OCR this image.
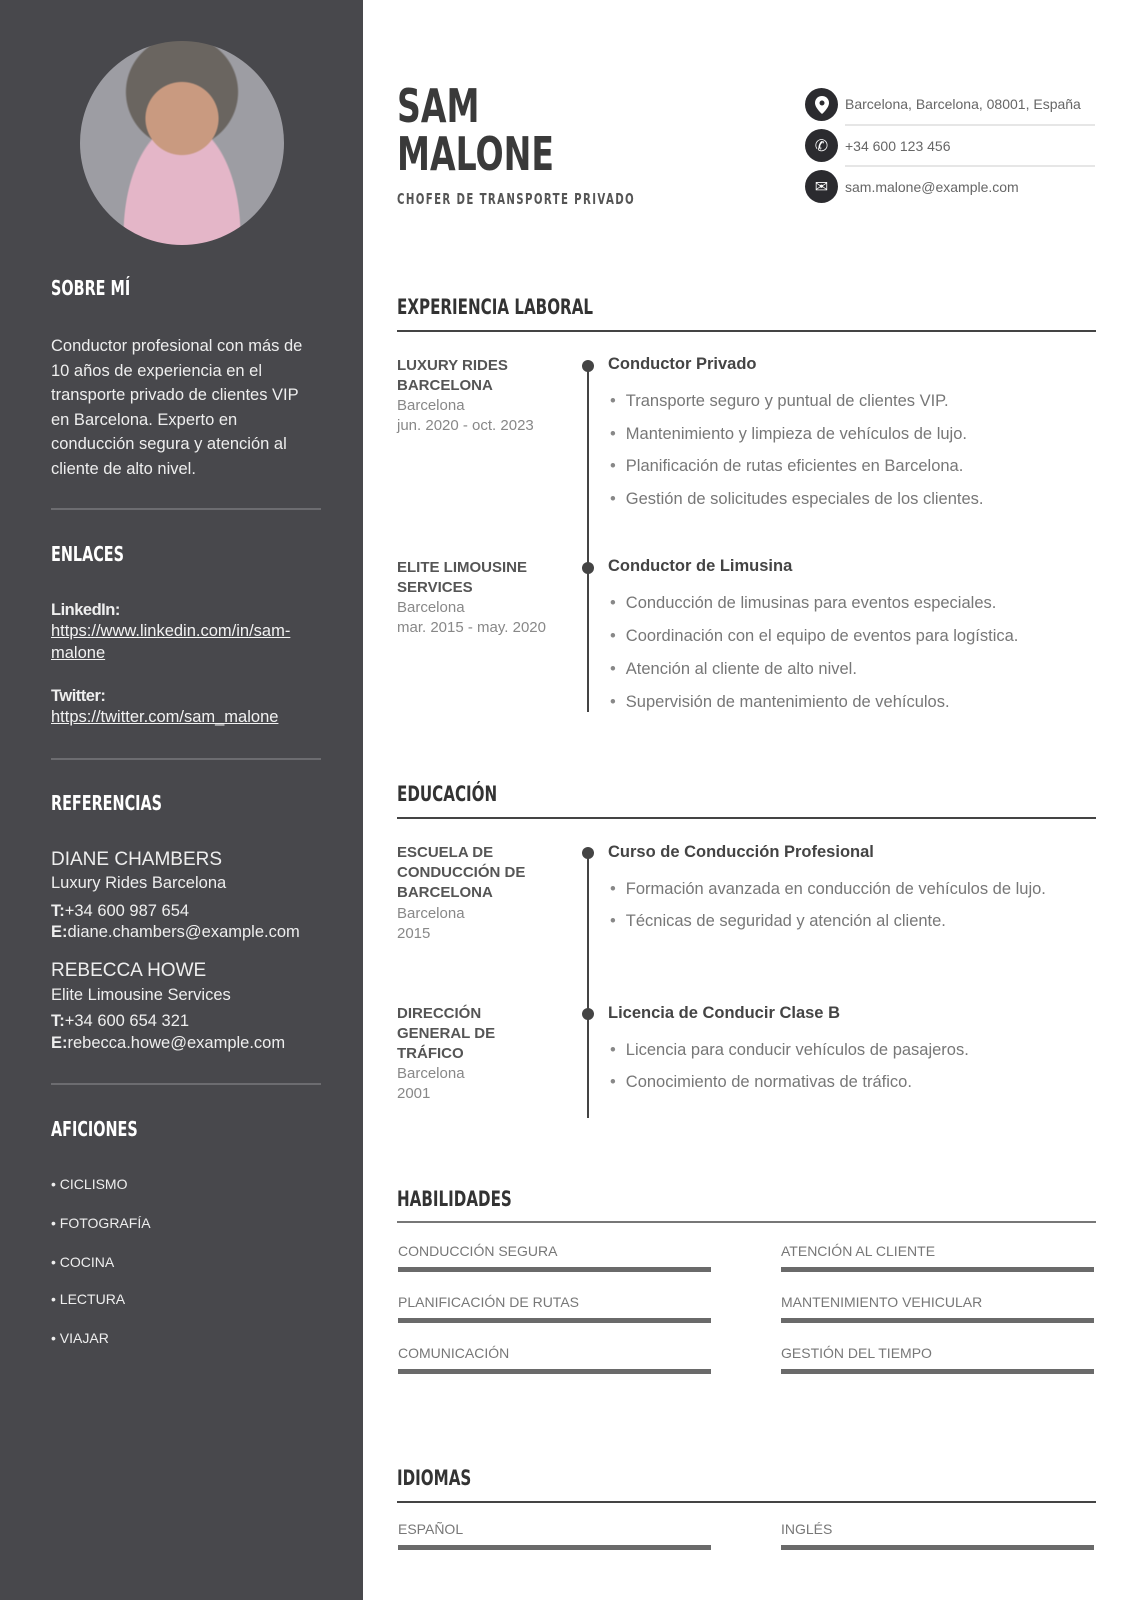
SOBRE MÍ
Conductor profesional con más de
10 años de experiencia en el
transporte privado de clientes VIP
en Barcelona. Experto en
conducción segura y atención al
cliente de alto nivel.
ENLACES
LinkedIn:
https://www.linkedin.com/in/sam-
malone
Twitter:
https://twitter.com/sam_malone
REFERENCIAS
DIANE CHAMBERS
Luxury Rides Barcelona
T:+34 600 987 654
E:diane.chambers@example.com
REBECCA HOWE
Elite Limousine Services
T:+34 600 654 321
E:rebecca.howe@example.com
AFICIONES
• CICLISMO
• FOTOGRAFÍA
• COCINA
• LECTURA
• VIAJAR
SAM
MALONE
CHOFER DE TRANSPORTE PRIVADO
Barcelona, Barcelona, 08001, España
✆	+34 600 123 456
✉	sam.malone@example.com
EXPERIENCIA LABORAL
LUXURY RIDES BARCELONA
Barcelona
jun. 2020 - oct. 2023
Conductor Privado
• Transporte seguro y puntual de clientes VIP.
• Mantenimiento y limpieza de vehículos de lujo.
• Planificación de rutas eficientes en Barcelona.
• Gestión de solicitudes especiales de los clientes.
ELITE LIMOUSINE SERVICES
Barcelona
mar. 2015 - may. 2020
Conductor de Limusina
• Conducción de limusinas para eventos especiales.
• Coordinación con el equipo de eventos para logística.
• Atención al cliente de alto nivel.
• Supervisión de mantenimiento de vehículos.
EDUCACIÓN
ESCUELA DE CONDUCCIÓN DE BARCELONA
Barcelona
2015
Curso de Conducción Profesional
• Formación avanzada en conducción de vehículos de lujo.
• Técnicas de seguridad y atención al cliente.
DIRECCIÓN GENERAL DE TRÁFICO
Barcelona
2001
Licencia de Conducir Clase B
• Licencia para conducir vehículos de pasajeros.
• Conocimiento de normativas de tráfico.
HABILIDADES
CONDUCCIÓN SEGURA	ATENCIÓN AL CLIENTE
PLANIFICACIÓN DE RUTAS	MANTENIMIENTO VEHICULAR
COMUNICACIÓN	GESTIÓN DEL TIEMPO
IDIOMAS
ESPAÑOL	INGLÉS
